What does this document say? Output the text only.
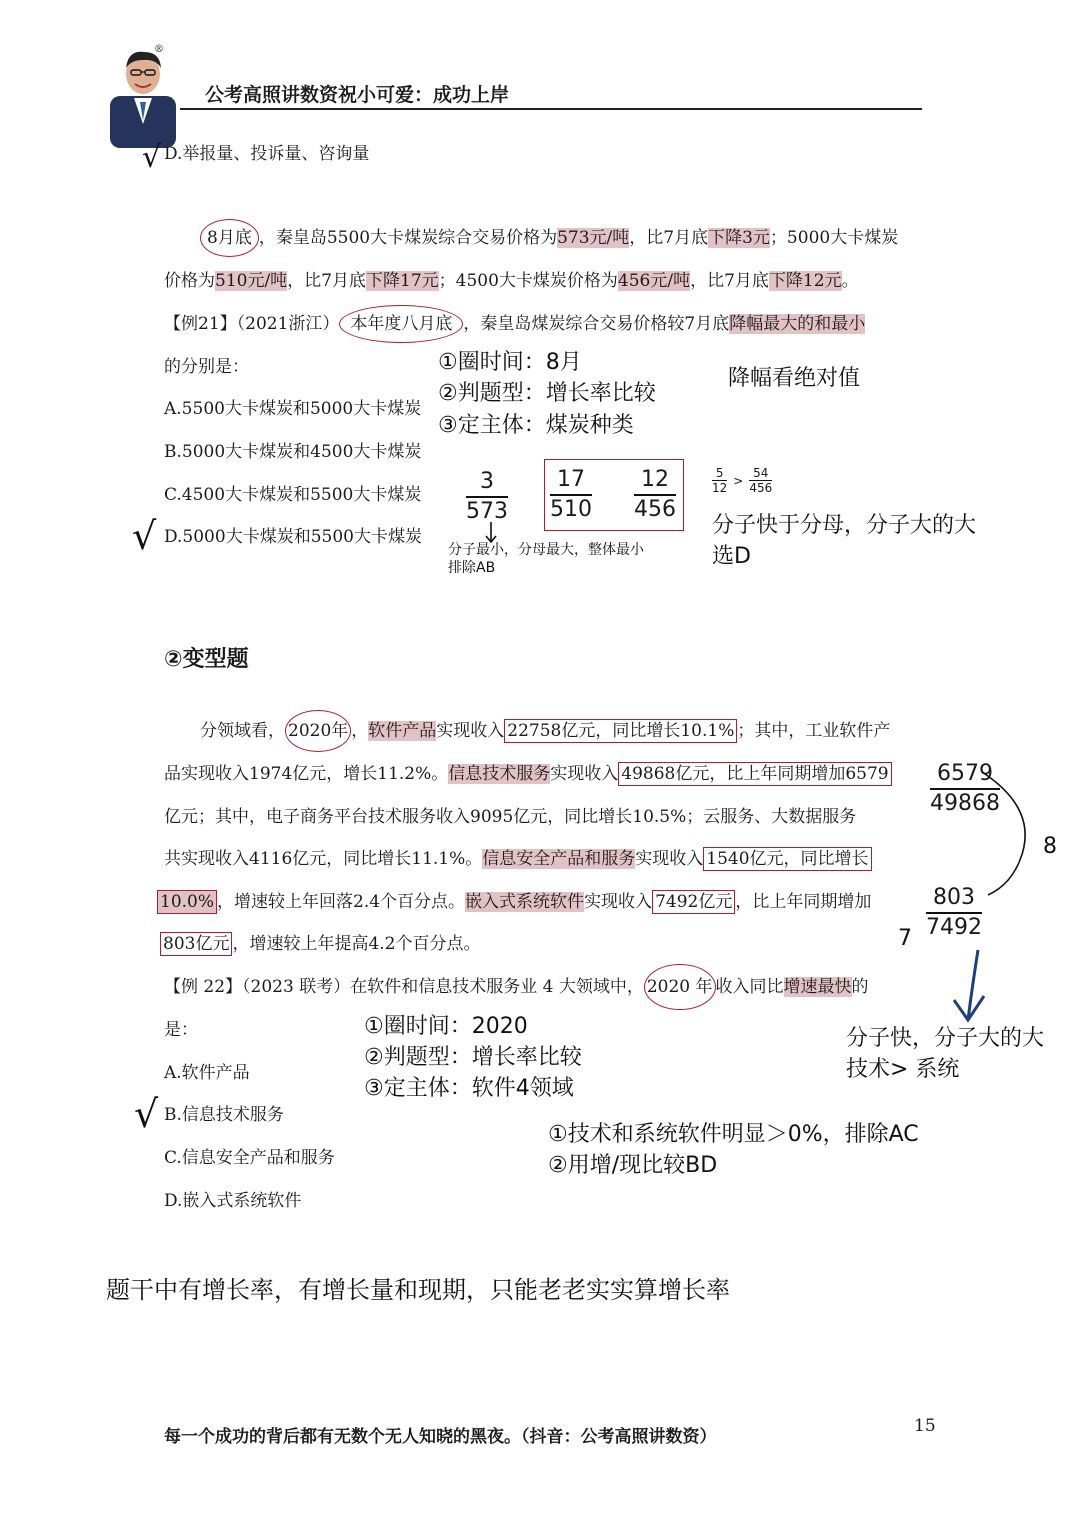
®
公考高照讲数资祝小可爱：成功上岸
√ D.举报量、投诉量、咨询量
8月底 ，秦皇岛5500大卡煤炭综合交易价格为573元/吨，比7月底下降3元；5000大卡煤炭
价格为510元/吨，比7月底下降17元；4500大卡煤炭价格为456元/吨，比7月底下降12元。
【例21】（2021浙江） 本年度八月底 ，秦皇岛煤炭综合交易价格较7月底降幅最大的和最小
的分别是：
A.5500大卡煤炭和5000大卡煤炭
B.5000大卡煤炭和4500大卡煤炭
C.4500大卡煤炭和5500大卡煤炭
√ D.5000大卡煤炭和5500大卡煤炭
①圈时间：8月
②判题型：增长率比较
③定主体：煤炭种类
降幅看绝对值
3
573
17
510
12
456
5
12
>
54
456
分子快于分母，分子大的大
选D
分子最小，分母最大，整体最小
排除AB
②变型题
分领域看， 2020年 ，软件产品实现收入 22758亿元，同比增长10.1% ；其中，工业软件产
品实现收入1974亿元，增长11.2%。信息技术服务实现收入 49868亿元，比上年同期增加6579
亿元；其中，电子商务平台技术服务收入9095亿元，同比增长10.5%；云服务、大数据服务
共实现收入4116亿元，同比增长11.1%。信息安全产品和服务实现收入 1540亿元，同比增长
10.0% ，增速较上年回落2.4个百分点。嵌入式系统软件实现收入 7492亿元 ，比上年同期增加
803亿元 ，增速较上年提高4.2个百分点。
6579
49868
8
803
7492
7
【例 22】（2023 联考）在软件和信息技术服务业 4 大领域中， 2020 年 收入同比增速最快的
是：
A.软件产品
√ B.信息技术服务
C.信息安全产品和服务
D.嵌入式系统软件
①圈时间：2020
②判题型：增长率比较
③定主体：软件4领域
分子快，分子大的大
技术> 系统
①技术和系统软件明显＞0%，排除AC
②用增/现比较BD
题干中有增长率，有增长量和现期，只能老老实实算增长率
每一个成功的背后都有无数个无人知晓的黑夜。（抖音：公考高照讲数资）
15
